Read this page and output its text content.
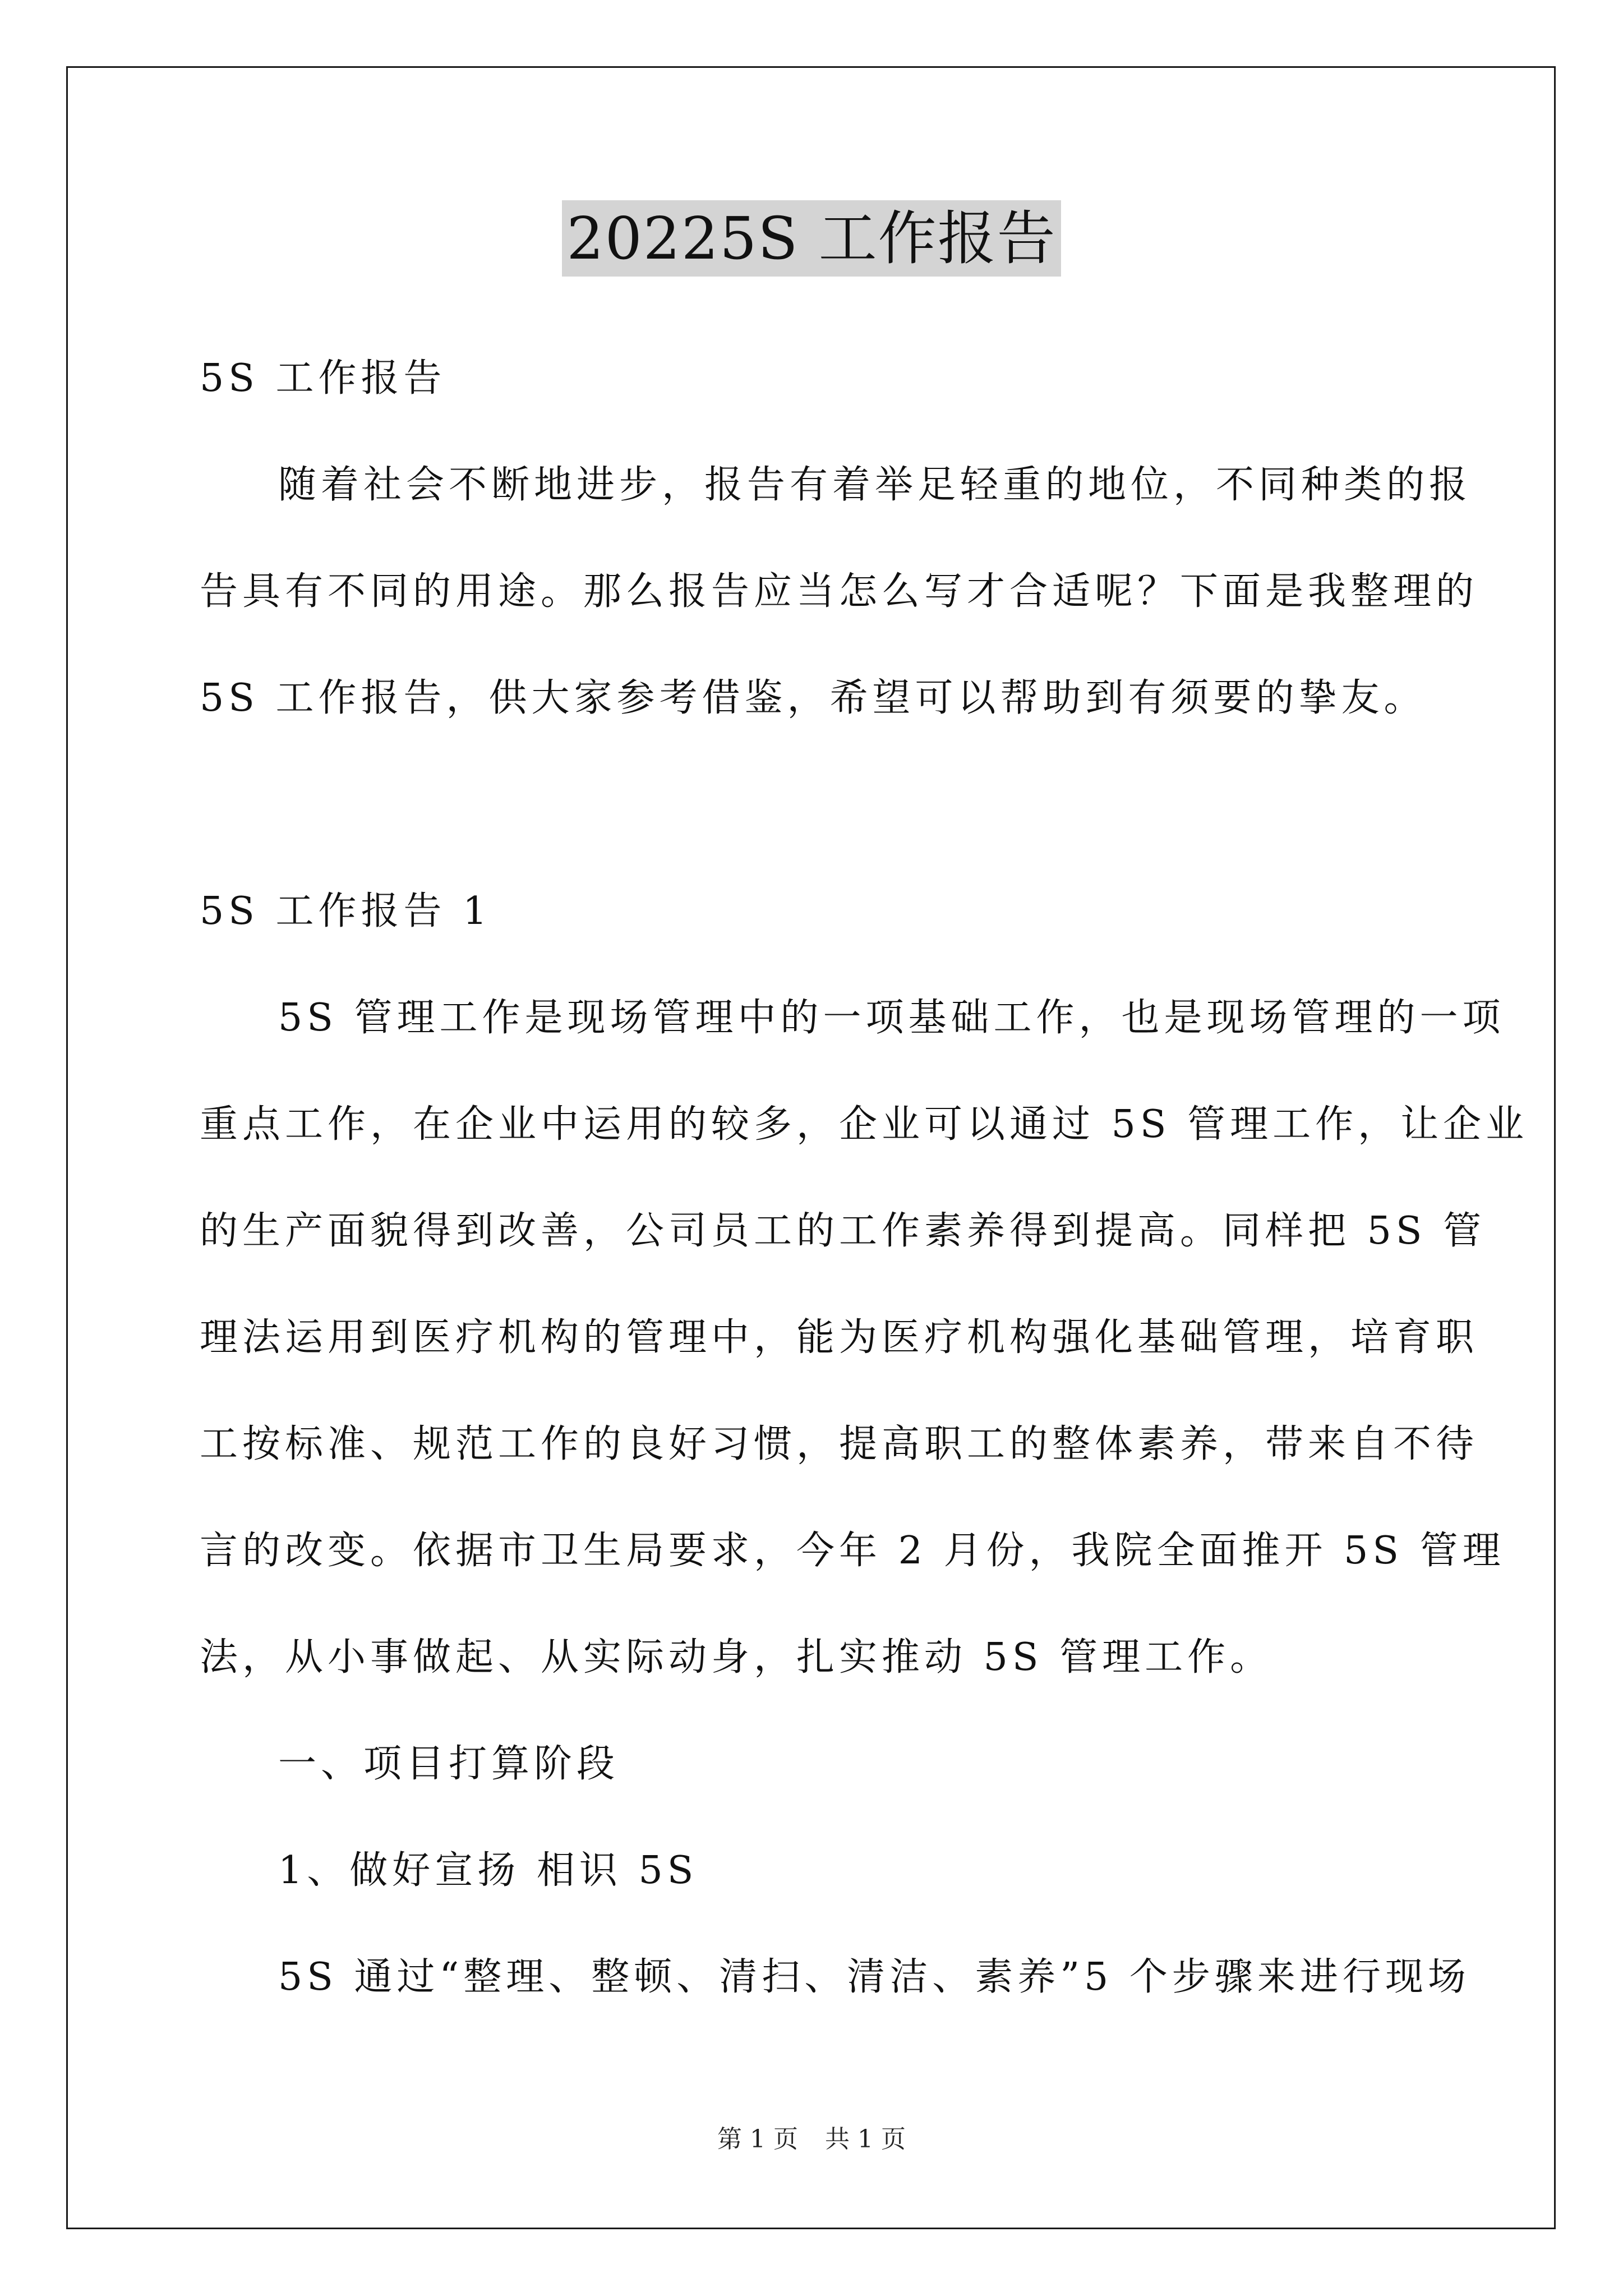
20225S 工作报告
5S 工作报告
随着社会不断地进步，报告有着举足轻重的地位，不同种类的报
告具有不同的用途。那么报告应当怎么写才合适呢？下面是我整理的
5S 工作报告，供大家参考借鉴，希望可以帮助到有须要的挚友。
5S 工作报告 1
5S 管理工作是现场管理中的一项基础工作，也是现场管理的一项
重点工作，在企业中运用的较多，企业可以通过 5S 管理工作，让企业
的生产面貌得到改善，公司员工的工作素养得到提高。同样把 5S 管
理法运用到医疗机构的管理中，能为医疗机构强化基础管理，培育职
工按标准、规范工作的良好习惯，提高职工的整体素养，带来自不待
言的改变。依据市卫生局要求，今年 2 月份，我院全面推开 5S 管理
法，从小事做起、从实际动身，扎实推动 5S 管理工作。
一、项目打算阶段
1、做好宣扬 相识 5S
5S 通过“整理、整顿、清扫、清洁、素养”5 个步骤来进行现场
第 1 页 共 1 页
